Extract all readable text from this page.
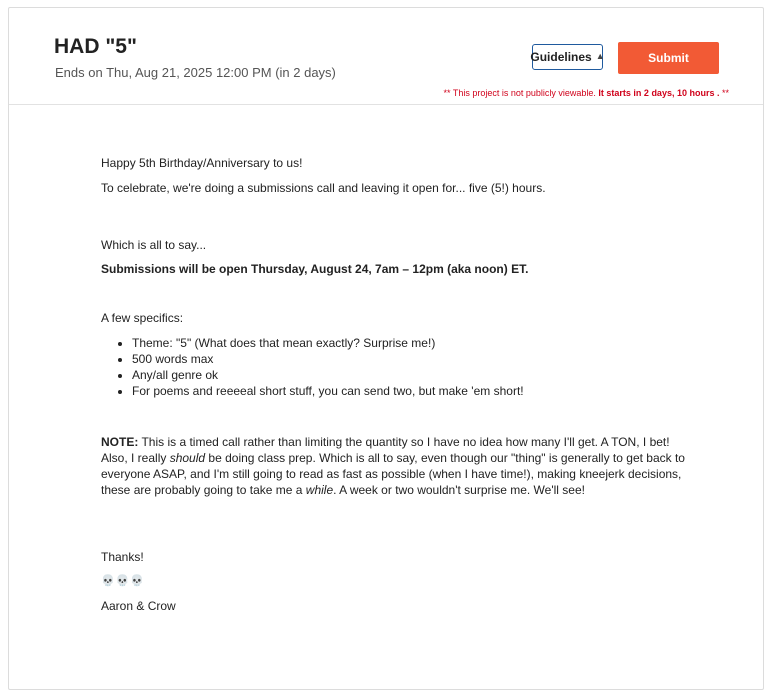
HAD "5"
Ends on Thu, Aug 21, 2025 12:00 PM (in 2 days)
Guidelines ▲	Submit
** This project is not publicly viewable. It starts in 2 days, 10 hours . **

Happy 5th Birthday/Anniversary to us!

To celebrate, we're doing a submissions call and leaving it open for... five (5!) hours.

Which is all to say...

Submissions will be open Thursday, August 24, 7am – 12pm (aka noon) ET.

A few specifics:

• Theme: "5" (What does that mean exactly? Surprise me!)
• 500 words max
• Any/all genre ok
• For poems and reeeeal short stuff, you can send two, but make 'em short!

NOTE: This is a timed call rather than limiting the quantity so I have no idea how many I'll get. A TON, I bet! Also, I really should be doing class prep. Which is all to say, even though our "thing" is generally to get back to everyone ASAP, and I'm still going to read as fast as possible (when I have time!), making kneejerk decisions, these are probably going to take me a while. A week or two wouldn't surprise me. We'll see!

Thanks!

💀💀💀

Aaron & Crow
